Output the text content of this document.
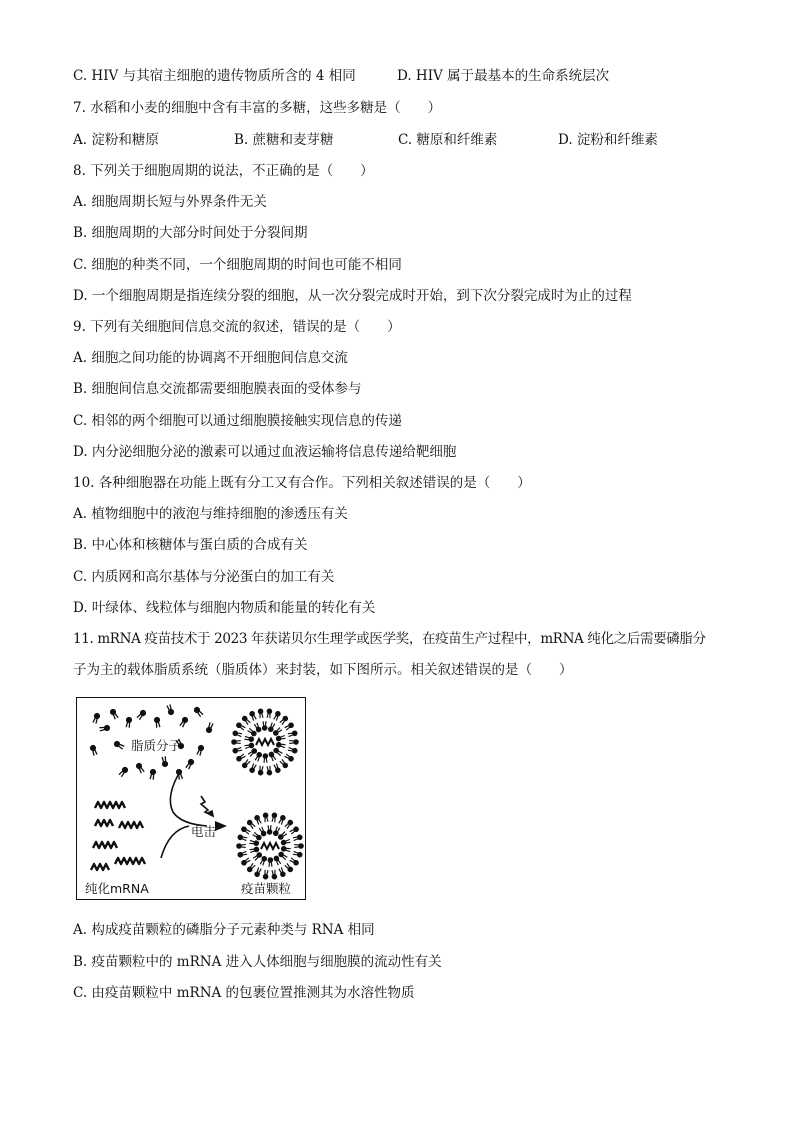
C. HIV 与其宿主细胞的遗传物质所含的 4 相同	D. HIV 属于最基本的生命系统层次
7. 水稻和小麦的细胞中含有丰富的多糖，这些多糖是（　　）
A. 淀粉和糖原	B. 蔗糖和麦芽糖	C. 糖原和纤维素	D. 淀粉和纤维素
8. 下列关于细胞周期的说法，不正确的是（　　）
A. 细胞周期长短与外界条件无关
B. 细胞周期的大部分时间处于分裂间期
C. 细胞的种类不同，一个细胞周期的时间也可能不相同
D. 一个细胞周期是指连续分裂的细胞，从一次分裂完成时开始，到下次分裂完成时为止的过程
9. 下列有关细胞间信息交流的叙述，错误的是（　　）
A. 细胞之间功能的协调离不开细胞间信息交流
B. 细胞间信息交流都需要细胞膜表面的受体参与
C. 相邻的两个细胞可以通过细胞膜接触实现信息的传递
D. 内分泌细胞分泌的激素可以通过血液运输将信息传递给靶细胞
10. 各种细胞器在功能上既有分工又有合作。下列相关叙述错误的是（　　）
A. 植物细胞中的液泡与维持细胞的渗透压有关
B. 中心体和核糖体与蛋白质的合成有关
C. 内质网和高尔基体与分泌蛋白的加工有关
D. 叶绿体、线粒体与细胞内物质和能量的转化有关
11. mRNA 疫苗技术于 2023 年获诺贝尔生理学或医学奖，在疫苗生产过程中，mRNA 纯化之后需要磷脂分
子为主的载体脂质系统（脂质体）来封装，如下图所示。相关叙述错误的是（　　）
脂质分子
电击
纯化mRNA	疫苗颗粒
A. 构成疫苗颗粒的磷脂分子元素种类与 RNA 相同
B. 疫苗颗粒中的 mRNA 进入人体细胞与细胞膜的流动性有关
C. 由疫苗颗粒中 mRNA 的包裹位置推测其为水溶性物质
